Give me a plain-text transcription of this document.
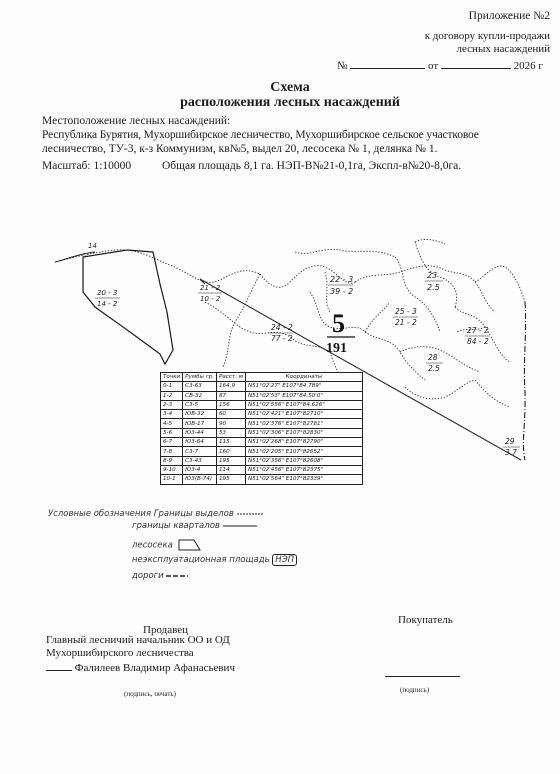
Приложение №2
к договору купли-продажи
лесных насаждений
№	от	2026 г
Схема
расположения лесных насаждений
Местоположение лесных насаждений:
Республика Бурятия, Мухоршибирское лесничество, Мухоршибирское сельское участковое
лесничество, ТУ-3, к-з Коммунизм, кв№5, выдел 20, лесосека № 1, делянка № 1.
Масштаб: 1:10000	Общая площадь 8,1 га. НЭП-В№21-0,1га, Экспл-в№20-8,0га.
14
20 - 3
14 - 2
21 - 2
10 - 2
22 - 3
39 - 2
23
2.5
24 - 2
77 - 2
25 - 3
21 - 2
27 - 2
84 - 2
28
2.5
29
3.7
5
191
Точки	Румбы гр.	Расст. м	Координаты
0-1	С3-63	164,9	N51°02'27" E107°84.789"
1-2	СВ-32	87	N51°02'53" E107°84.50'0"
2-3	С3-5	156	N51°02'556" E107°84.626"
3-4	ЮВ-32	60	N51°02'421" E107°82710"
4-5	ЮВ-17	90	N51°02'376" E107°82781"
5-6	Ю3-44	53	N51°02'306" E107°82830"
6-7	Ю3-64	115	N51°02'268" E107°82790"
7-8	С3-7	160	N51°02'205" E107°82652"
8-9	С3-43	195	N51°02'356" E107°82608"
9-10	Ю3-4	114	N51°02'456" E107°82375"
10-1	Ю3(В-74)	195	N51°02'564" E107°82339"
Условные обозначения Границы выделов
границы кварталов
лесосека
неэксплуатационная площадь НЭП
дороги
Продавец
Покупатель
Главный лесничий начальник ОО и ОД
Мухоршибирского лесничества
Фалилеев Владимир Афанасьевич
(подпись, печать)	(подпись)
